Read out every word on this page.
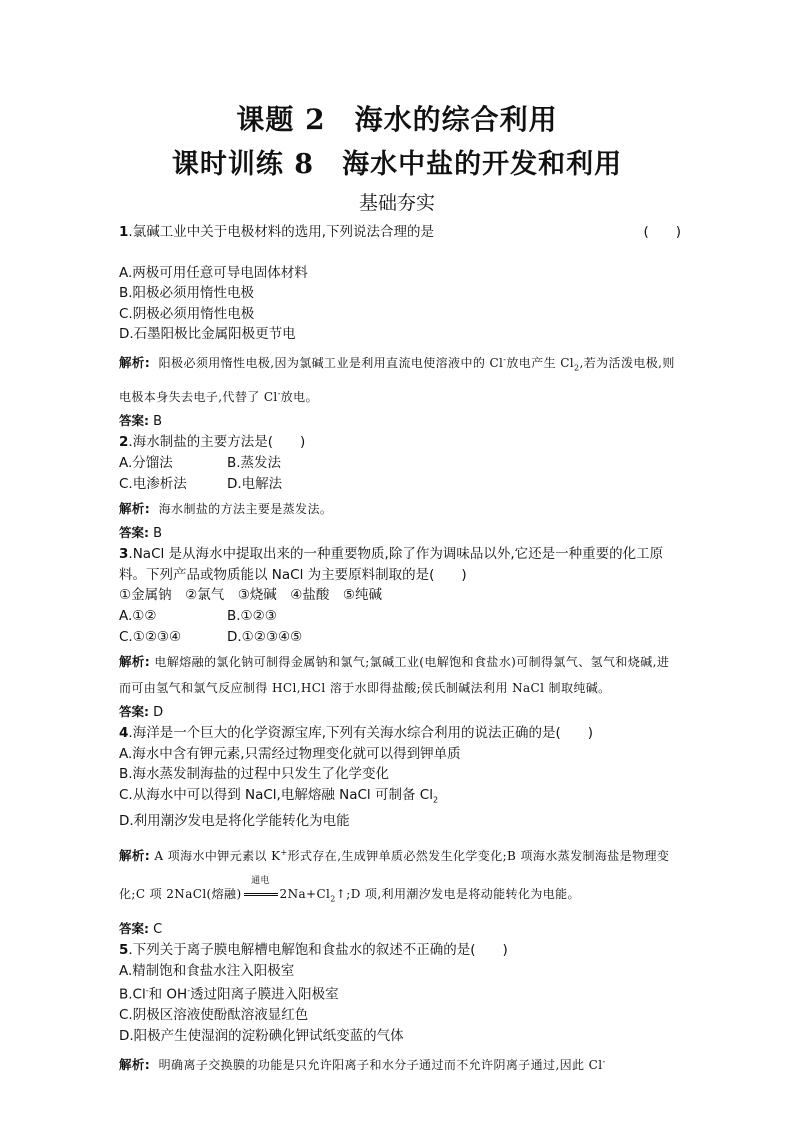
课题 2　海水的综合利用
课时训练 8　海水中盐的开发和利用
基础夯实
1.氯碱工业中关于电极材料的选用,下列说法合理的是	(　　)
A.两极可用任意可导电固体材料
B.阳极必须用惰性电极
C.阴极必须用惰性电极
D.石墨阳极比金属阳极更节电
解析: 阳极必须用惰性电极,因为氯碱工业是利用直流电使溶液中的 Cl-放电产生 $Cl_2$,若为活泼电极,则电极本身失去电子,代替了 Cl-放电。
答案: B
2.海水制盐的主要方法是(　　)
A.分馏法	B.蒸发法
C.电渗析法	D.电解法
解析: 海水制盐的方法主要是蒸发法。
答案: B
3.NaCl 是从海水中提取出来的一种重要物质,除了作为调味品以外,它还是一种重要的化工原
料。下列产品或物质能以 NaCl 为主要原料制取的是(　　)
①金属钠　②氯气　③烧碱　④盐酸　⑤纯碱
A.①②	B.①②③
C.①②③④	D.①②③④⑤
解析: 电解熔融的氯化钠可制得金属钠和氯气;氯碱工业(电解饱和食盐水)可制得氯气、氢气和烧碱,进而可由氢气和氯气反应制得 HCl,HCl 溶于水即得盐酸;侯氏制碱法利用 NaCl 制取纯碱。
答案: D
4.海洋是一个巨大的化学资源宝库,下列有关海水综合利用的说法正确的是(　　)
A.海水中含有钾元素,只需经过物理变化就可以得到钾单质
B.海水蒸发制海盐的过程中只发生了化学变化
C.从海水中可以得到 NaCl,电解熔融 NaCl 可制备 $Cl_2$
D.利用潮汐发电是将化学能转化为电能
解析: A 项海水中钾元素以 K+形式存在,生成钾单质必然发生化学变化;B 项海水蒸发制海盐是物理变化;C 项 2NaCl(熔融)
通电
$2Na+Cl_2↑;D$ 项,利用潮汐发电是将动能转化为电能。
答案: C
5.下列关于离子膜电解槽电解饱和食盐水的叙述不正确的是(　　)
A.精制饱和食盐水注入阳极室
B.Cl-和 OH-透过阳离子膜进入阳极室
C.阴极区溶液使酚酞溶液显红色
D.阳极产生使湿润的淀粉碘化钾试纸变蓝的气体
解析: 明确离子交换膜的功能是只允许阳离子和水分子通过而不允许阴离子通过,因此 Cl-
